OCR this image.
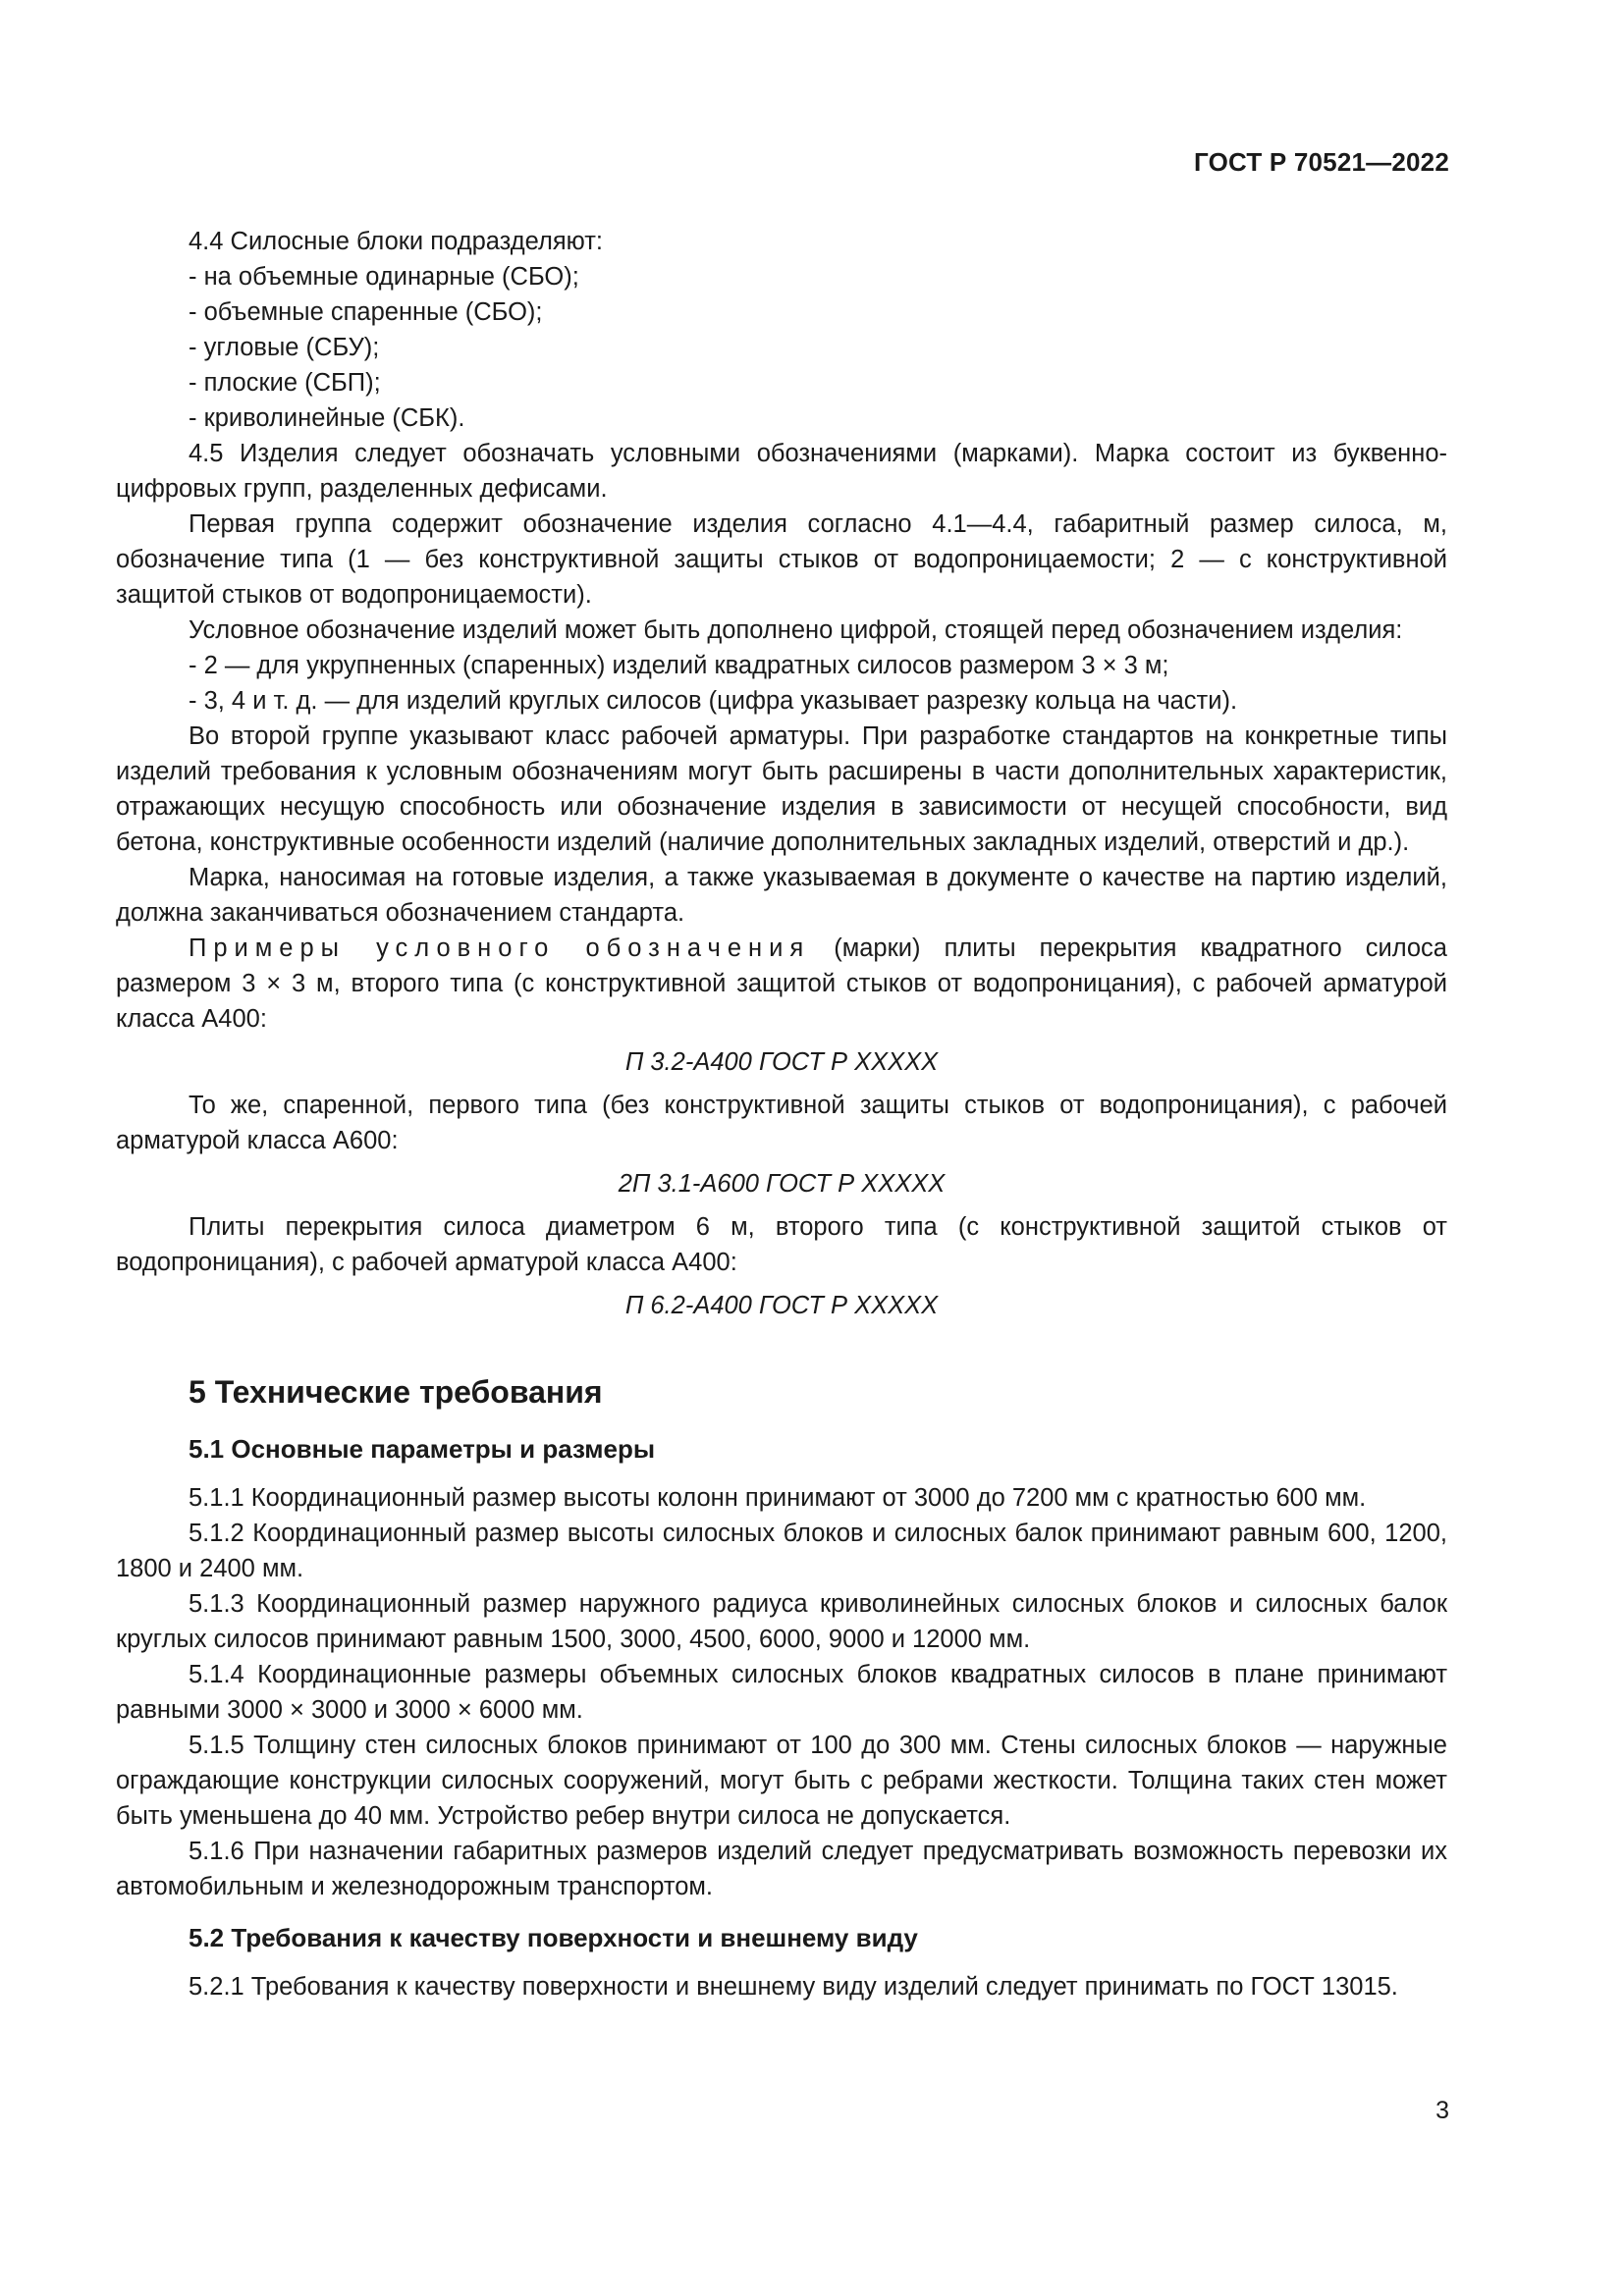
ГОСТ Р 70521—2022

4.4 Силосные блоки подразделяют:

- на объемные одинарные (СБО);

- объемные спаренные (СБО);

- угловые (СБУ);

- плоские (СБП);

- криволинейные (СБК).

4.5 Изделия следует обозначать условными обозначениями (марками). Марка состоит из буквенно-цифровых групп, разделенных дефисами.

Первая группа содержит обозначение изделия согласно 4.1—4.4, габаритный размер силоса, м, обозначение типа (1 — без конструктивной защиты стыков от водопроницаемости; 2 — с конструктивной защитой стыков от водопроницаемости).

Условное обозначение изделий может быть дополнено цифрой, стоящей перед обозначением изделия:

- 2 — для укрупненных (спаренных) изделий квадратных силосов размером 3 × 3 м;

- 3, 4 и т. д. — для изделий круглых силосов (цифра указывает разрезку кольца на части).

Во второй группе указывают класс рабочей арматуры. При разработке стандартов на конкретные типы изделий требования к условным обозначениям могут быть расширены в части дополнительных характеристик, отражающих несущую способность или обозначение изделия в зависимости от несущей способности, вид бетона, конструктивные особенности изделий (наличие дополнительных закладных изделий, отверстий и др.).

Марка, наносимая на готовые изделия, а также указываемая в документе о качестве на партию изделий, должна заканчиваться обозначением стандарта.

Примеры условного обозначения (марки) плиты перекрытия квадратного силоса размером 3 × 3 м, второго типа (с конструктивной защитой стыков от водопроницания), с рабочей арматурой класса А400:

П 3.2-А400 ГОСТ Р XXXXX

То же, спаренной, первого типа (без конструктивной защиты стыков от водопроницания), с рабочей арматурой класса А600:

2П 3.1-А600 ГОСТ Р XXXXX

Плиты перекрытия силоса диаметром 6 м, второго типа (с конструктивной защитой стыков от водопроницания), с рабочей арматурой класса А400:

П 6.2-А400 ГОСТ Р XXXXX

5 Технические требования
5.1 Основные параметры и размеры

5.1.1 Координационный размер высоты колонн принимают от 3000 до 7200 мм с кратностью 600 мм.

5.1.2 Координационный размер высоты силосных блоков и силосных балок принимают равным 600, 1200, 1800 и 2400 мм.

5.1.3 Координационный размер наружного радиуса криволинейных силосных блоков и силосных балок круглых силосов принимают равным 1500, 3000, 4500, 6000, 9000 и 12000 мм.

5.1.4 Координационные размеры объемных силосных блоков квадратных силосов в плане принимают равными 3000 × 3000 и 3000 × 6000 мм.

5.1.5 Толщину стен силосных блоков принимают от 100 до 300 мм. Стены силосных блоков — наружные ограждающие конструкции силосных сооружений, могут быть с ребрами жесткости. Толщина таких стен может быть уменьшена до 40 мм. Устройство ребер внутри силоса не допускается.

5.1.6 При назначении габаритных размеров изделий следует предусматривать возможность перевозки их автомобильным и железнодорожным транспортом.

5.2 Требования к качеству поверхности и внешнему виду

5.2.1 Требования к качеству поверхности и внешнему виду изделий следует принимать по ГОСТ 13015.

3
